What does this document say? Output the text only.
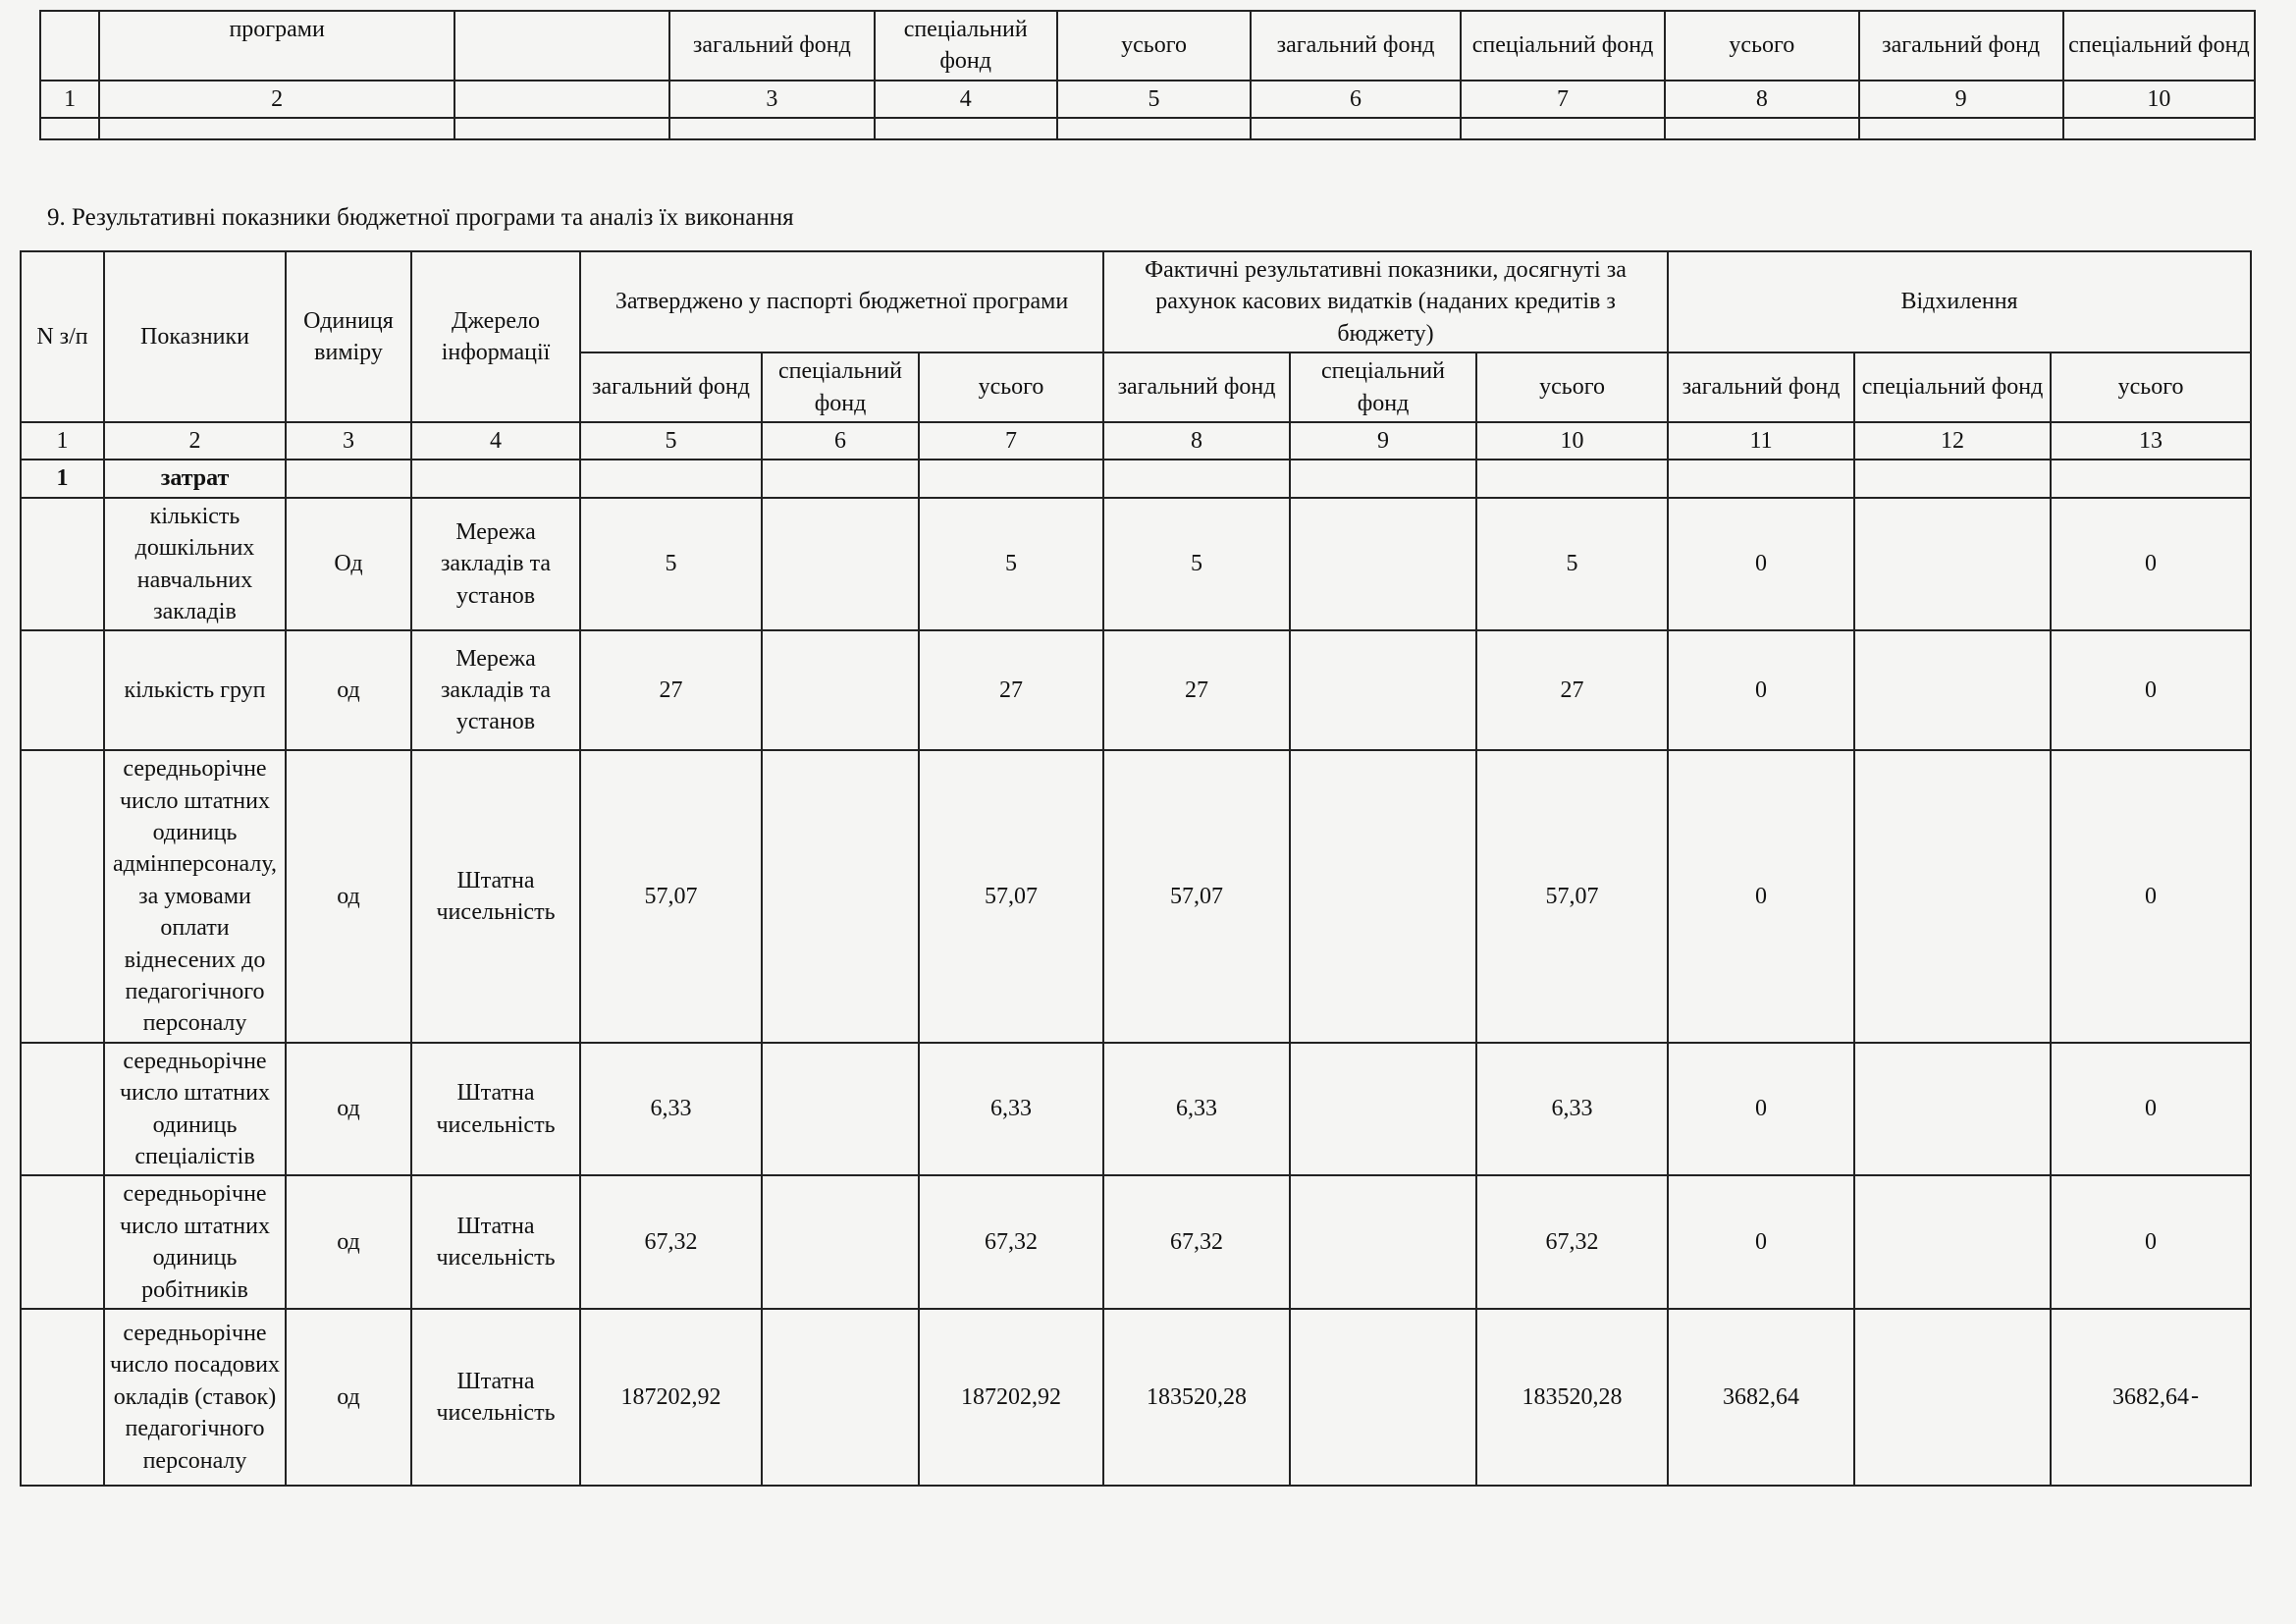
	програми		загальний фонд	спеціальний фонд	усього	загальний фонд	спеціальний фонд	усього	загальний фонд	спеціальний фонд
1	2		3	4	5	6	7	8	9	10

9. Результативні показники бюджетної програми та аналіз їх виконання
N з/п	Показники	Одиниця виміру	Джерело інформації	Затверджено у паспорті бюджетної програми			Фактичні результативні показники, досягнуті за рахунок касових видатків (наданих кредитів з бюджету)			Відхилення		
				загальний фонд	спеціальний фонд	усього	загальний фонд	спеціальний фонд	усього	загальний фонд	спеціальний фонд	усього
1	2	3	4	5	6	7	8	9	10	11	12	13
1	затрат											
	кількість дошкільних навчальних закладів	Од	Мережа закладів та установ	5		5	5		5	0		0
	кількість груп	од	Мережа закладів та установ	27		27	27		27	0		0
	середньорічне число штатних одиниць адмінперсоналу, за умовами оплати віднесених до педагогічного персоналу	од	Штатна чисельність	57,07		57,07	57,07		57,07	0		0
	середньорічне число штатних одиниць спеціалістів	од	Штатна чисельність	6,33		6,33	6,33		6,33	0		0
	середньорічне число штатних одиниць робітників	од	Штатна чисельність	67,32		67,32	67,32		67,32	0		0
	середньорічне число посадових окладів (ставок) педагогічного персоналу	од	Штатна чисельність	187202,92		187202,92	183520,28		183520,28	3682,64		3682,64 -
